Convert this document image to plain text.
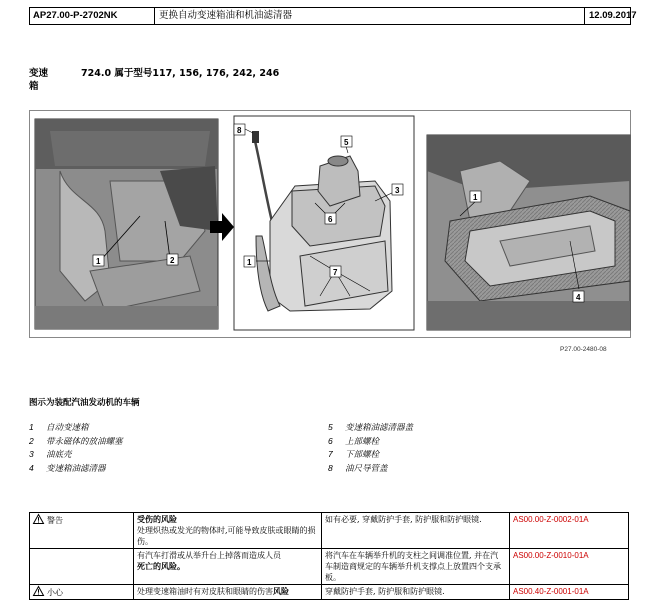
AP27.00-P-2702NK	更换自动变速箱油和机油滤清器	12.09.2017
变速	724.0 属于型号117, 156, 176, 242, 246
箱
1	2
8
5
3
6
1
7
1
4
P27.00-2480-08
图示为装配汽油发动机的车辆
1 自动变速箱
2 带永磁体的放油螺塞
3 油底壳
4 变速箱油滤清器
5 变速箱油滤清器盖
6 上部螺栓
7 下部螺栓
8 油尺导管盖
警告	受伤的风险
处理炽热或发光的物体时,可能导致皮肤或眼睛的损伤。	如有必要, 穿戴防护手套, 防护服和防护眼镜.	AS00.00-Z-0002-01A
	有汽车打滑或从举升台上掉落而造成人员
死亡的风险。	将汽车在车辆举升机的支柱之间调准位置, 并在汽车制造商规定的车辆举升机支撑点上放置四个支承板。	AS00.00-Z-0010-01A
小心	处理变速箱油时有对皮肤和眼睛的伤害风险	穿戴防护手套, 防护服和防护眼镜.	AS00.40-Z-0001-01A
